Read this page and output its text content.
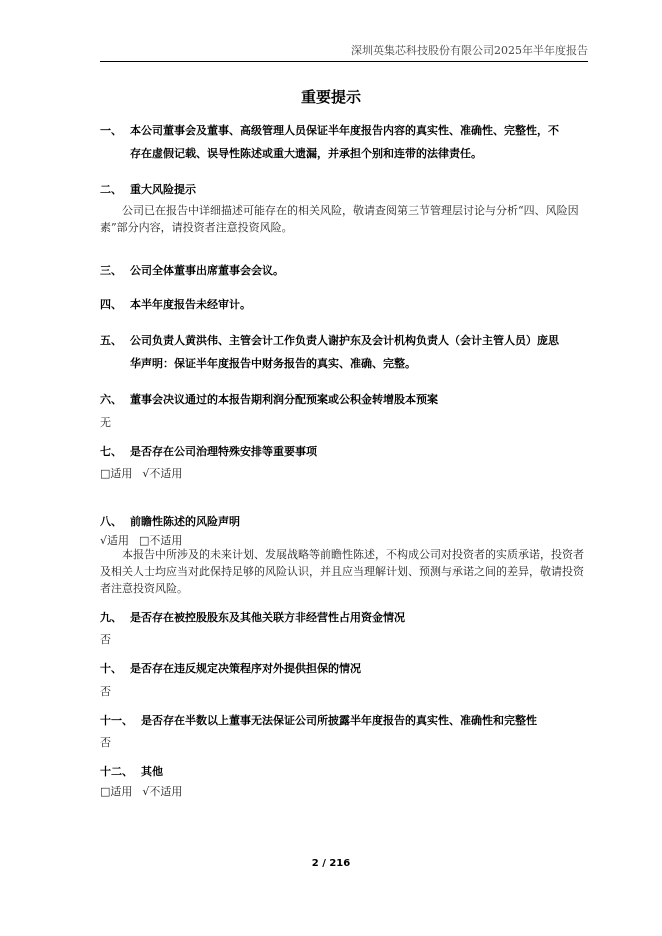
深圳英集芯科技股份有限公司2025年半年度报告
重要提示
一、 本公司董事会及董事、高级管理人员保证半年度报告内容的真实性、准确性、完整性，不
存在虚假记载、误导性陈述或重大遗漏，并承担个别和连带的法律责任。
二、 重大风险提示
公司已在报告中详细描述可能存在的相关风险，敬请查阅第三节管理层讨论与分析“四、风险因素”部分内容，请投资者注意投资风险。
三、 公司全体董事出席董事会会议。
四、 本半年度报告未经审计。
五、 公司负责人黄洪伟、主管会计工作负责人谢护东及会计机构负责人（会计主管人员）庞思
华声明：保证半年度报告中财务报告的真实、准确、完整。
六、 董事会决议通过的本报告期利润分配预案或公积金转增股本预案
无
七、 是否存在公司治理特殊安排等重要事项
□适用 √不适用
八、 前瞻性陈述的风险声明
√适用 □不适用
本报告中所涉及的未来计划、发展战略等前瞻性陈述，不构成公司对投资者的实质承诺，投资者及相关人士均应当对此保持足够的风险认识，并且应当理解计划、预测与承诺之间的差异，敬请投资者注意投资风险。
九、 是否存在被控股股东及其他关联方非经营性占用资金情况
否
十、 是否存在违反规定决策程序对外提供担保的情况
否
十一、 是否存在半数以上董事无法保证公司所披露半年度报告的真实性、准确性和完整性
否
十二、 其他
□适用 √不适用
2 / 216
